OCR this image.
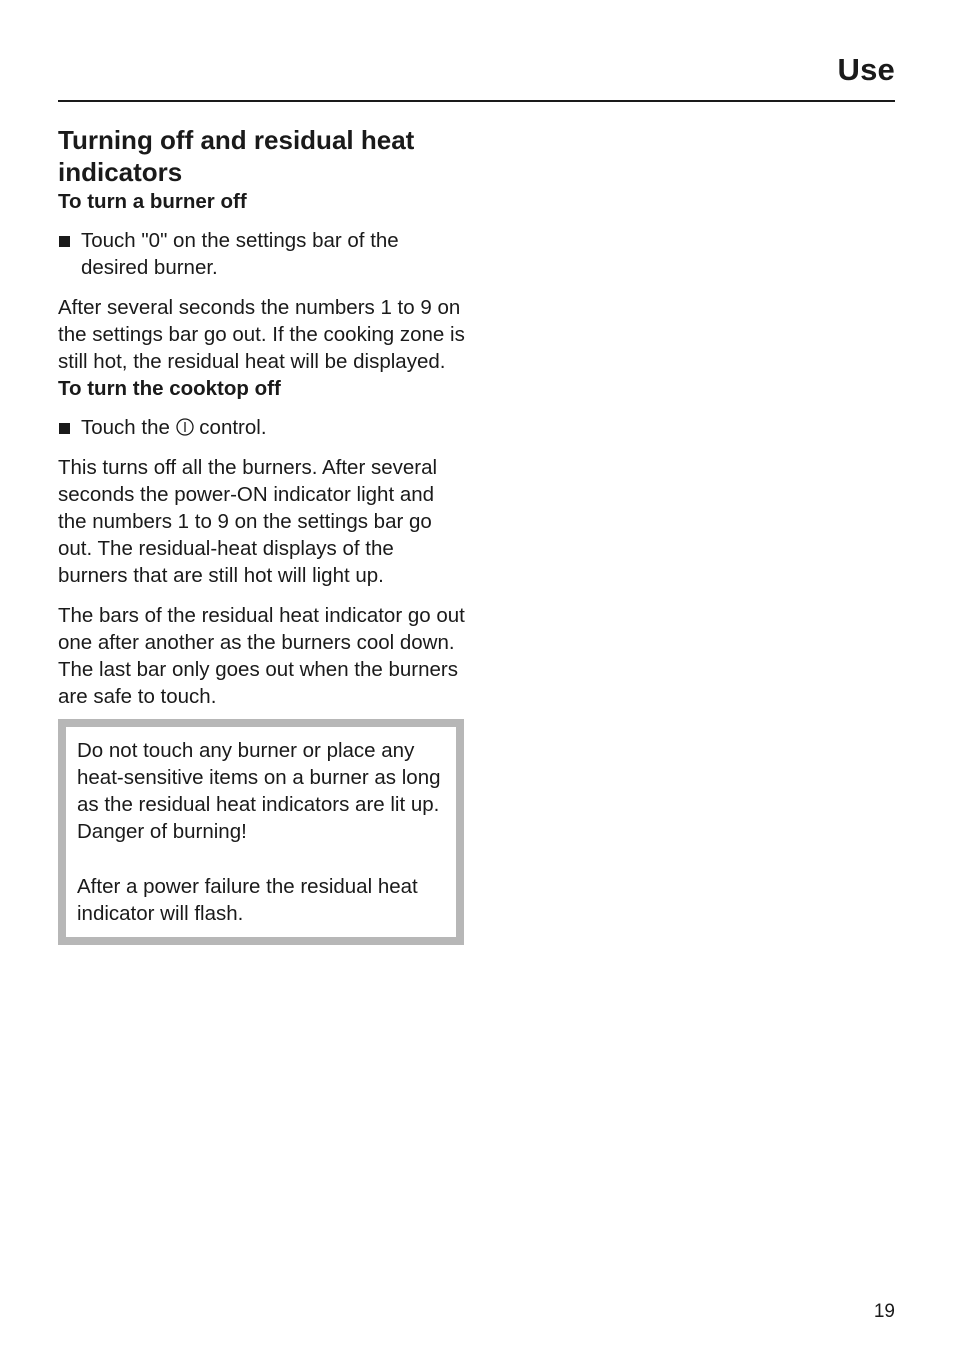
Use
Turning off and residual heat indicators
To turn a burner off
Touch "0" on the settings bar of the desired burner.

After several seconds the numbers 1 to 9 on the settings bar go out. If the cooking zone is still hot, the residual heat will be displayed.

To turn the cooktop off
Touch the  control.

This turns off all the burners. After several seconds the power-ON indicator light and the numbers 1 to 9 on the settings bar go out. The residual-heat displays of the burners that are still hot will light up.

The bars of the residual heat indicator go out one after another as the burners cool down. The last bar only goes out when the burners are safe to touch.

Do not touch any burner or place any heat-sensitive items on a burner as long as the residual heat indicators are lit up. Danger of burning!

After a power failure the residual heat indicator will flash.

19
